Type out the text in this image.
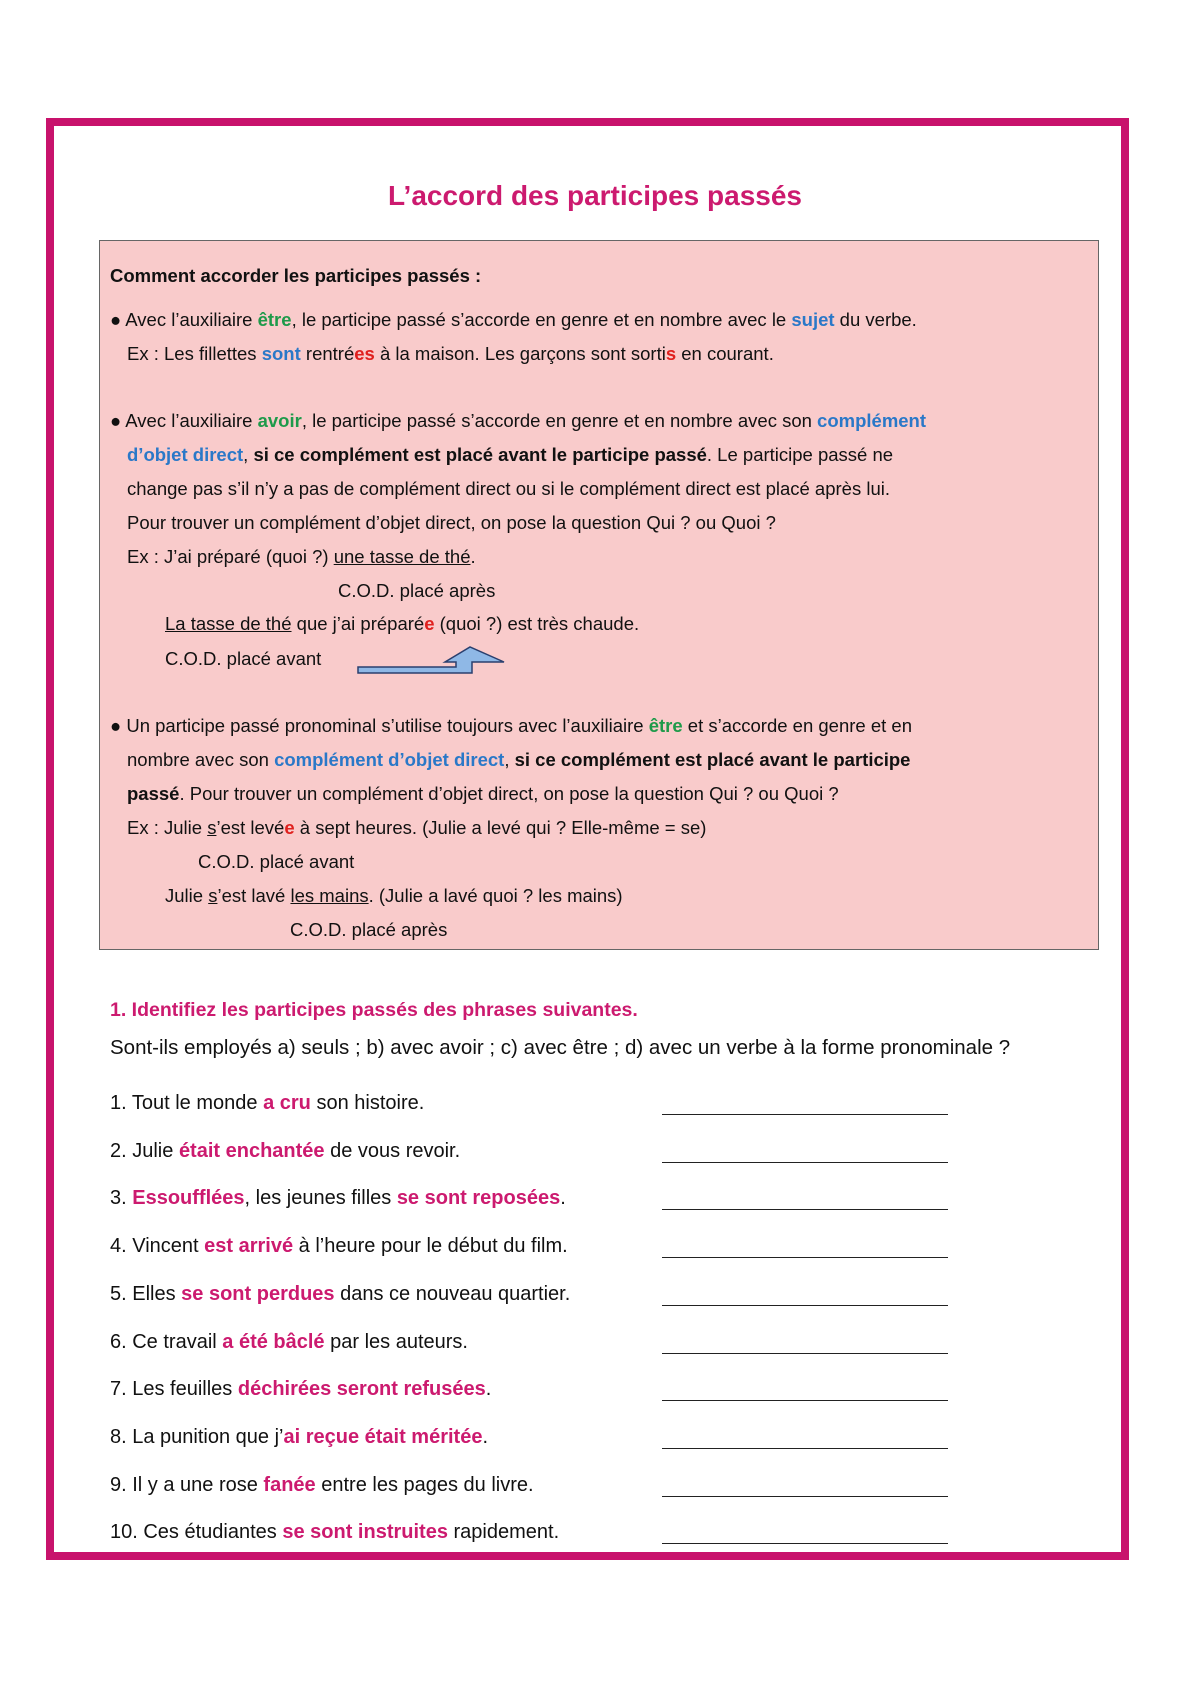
L’accord des participes passés
Comment accorder les participes passés :
● Avec l’auxiliaire être, le participe passé s’accorde en genre et en nombre avec le sujet du verbe.
Ex : Les fillettes sont rentrées à la maison. Les garçons sont sortis en courant.
● Avec l’auxiliaire avoir, le participe passé s’accorde en genre et en nombre avec son complément
d’objet direct, si ce complément est placé avant le participe passé. Le participe passé ne
change pas s’il n’y a pas de complément direct ou si le complément direct est placé après lui.
Pour trouver un complément d’objet direct, on pose la question Qui ? ou Quoi ?
Ex : J’ai préparé (quoi ?) une tasse de thé.
C.O.D. placé après
La tasse de thé que j’ai préparée (quoi ?) est très chaude.
C.O.D. placé avant
● Un participe passé pronominal s’utilise toujours avec l’auxiliaire être et s’accorde en genre et en
nombre avec son complément d’objet direct, si ce complément est placé avant le participe
passé. Pour trouver un complément d’objet direct, on pose la question Qui ? ou Quoi ?
Ex : Julie s’est levée à sept heures. (Julie a levé qui ? Elle-même = se)
C.O.D. placé avant
Julie s’est lavé les mains. (Julie a lavé quoi ? les mains)
C.O.D. placé après
1. Identifiez les participes passés des phrases suivantes.
Sont-ils employés a) seuls ; b) avec avoir ; c) avec être ; d) avec un verbe à la forme pronominale ?
1. Tout le monde a cru son histoire.
2. Julie était enchantée de vous revoir.
3. Essoufflées, les jeunes filles se sont reposées.
4. Vincent est arrivé à l’heure pour le début du film.
5. Elles se sont perdues dans ce nouveau quartier.
6. Ce travail a été bâclé par les auteurs.
7. Les feuilles déchirées seront refusées.
8. La punition que j’ai reçue était méritée.
9. Il y a une rose fanée entre les pages du livre.
10. Ces étudiantes se sont instruites rapidement.
